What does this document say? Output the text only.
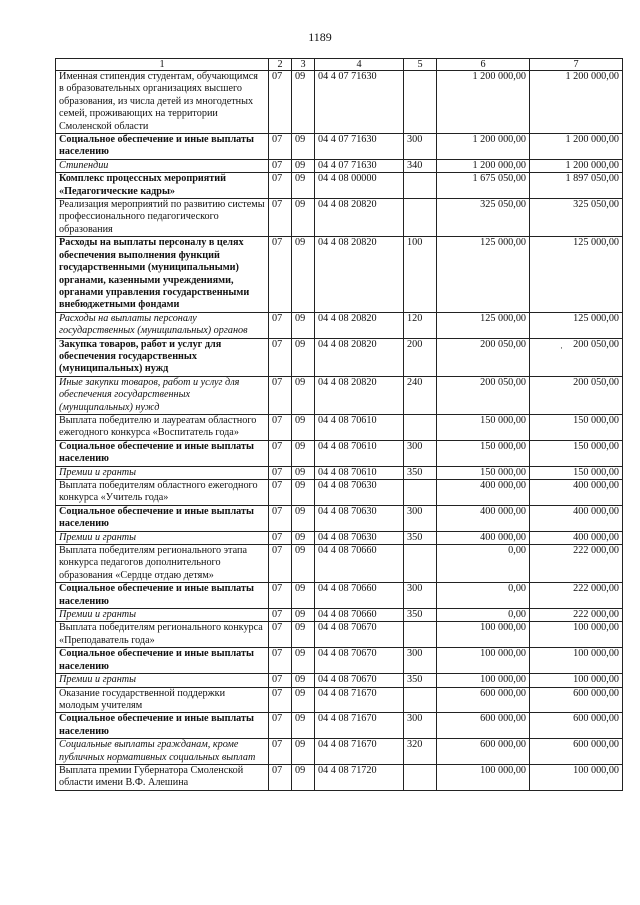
1189
1	2	3	4	5	6	7
Именная стипендия студентам, обучающимся в образовательных организациях высшего образования, из числа детей из многодетных семей, проживающих на территории Смоленской области	07	09	04 4 07 71630		1 200 000,00	1 200 000,00
Социальное обеспечение и иные выплаты населению	07	09	04 4 07 71630	300	1 200 000,00	1 200 000,00
Стипендии	07	09	04 4 07 71630	340	1 200 000,00	1 200 000,00
Комплекс процессных мероприятий «Педагогические кадры»	07	09	04 4 08 00000		1 675 050,00	1 897 050,00
Реализация мероприятий по развитию системы профессионального педагогического образования	07	09	04 4 08 20820		325 050,00	325 050,00
Расходы на выплаты персоналу в целях обеспечения выполнения функций государственными (муниципальными) органами, казенными учреждениями, органами управления государственными внебюджетными фондами	07	09	04 4 08 20820	100	125 000,00	125 000,00
Расходы на выплаты персоналу государственных (муниципальных) органов	07	09	04 4 08 20820	120	125 000,00	125 000,00
Закупка товаров, работ и услуг для обеспечения государственных (муниципальных) нужд	07	09	04 4 08 20820	200	200 050,00	200 050,00
Иные закупки товаров, работ и услуг для обеспечения государственных (муниципальных) нужд	07	09	04 4 08 20820	240	200 050,00	200 050,00
Выплата победителю и лауреатам областного ежегодного конкурса «Воспитатель года»	07	09	04 4 08 70610		150 000,00	150 000,00
Социальное обеспечение и иные выплаты населению	07	09	04 4 08 70610	300	150 000,00	150 000,00
Премии и гранты	07	09	04 4 08 70610	350	150 000,00	150 000,00
Выплата победителям областного ежегодного конкурса «Учитель года»	07	09	04 4 08 70630		400 000,00	400 000,00
Социальное обеспечение и иные выплаты населению	07	09	04 4 08 70630	300	400 000,00	400 000,00
Премии и гранты	07	09	04 4 08 70630	350	400 000,00	400 000,00
Выплата победителям регионального этапа конкурса педагогов дополнительного образования «Сердце отдаю детям»	07	09	04 4 08 70660		0,00	222 000,00
Социальное обеспечение и иные выплаты населению	07	09	04 4 08 70660	300	0,00	222 000,00
Премии и гранты	07	09	04 4 08 70660	350	0,00	222 000,00
Выплата победителям регионального конкурса «Преподаватель года»	07	09	04 4 08 70670		100 000,00	100 000,00
Социальное обеспечение и иные выплаты населению	07	09	04 4 08 70670	300	100 000,00	100 000,00
Премии и гранты	07	09	04 4 08 70670	350	100 000,00	100 000,00
Оказание государственной поддержки молодым учителям	07	09	04 4 08 71670		600 000,00	600 000,00
Социальное обеспечение и иные выплаты населению	07	09	04 4 08 71670	300	600 000,00	600 000,00
Социальные выплаты гражданам, кроме публичных нормативных социальных выплат	07	09	04 4 08 71670	320	600 000,00	600 000,00
Выплата премии Губернатора Смоленской области имени В.Ф. Алешина	07	09	04 4 08 71720		100 000,00	100 000,00
·
